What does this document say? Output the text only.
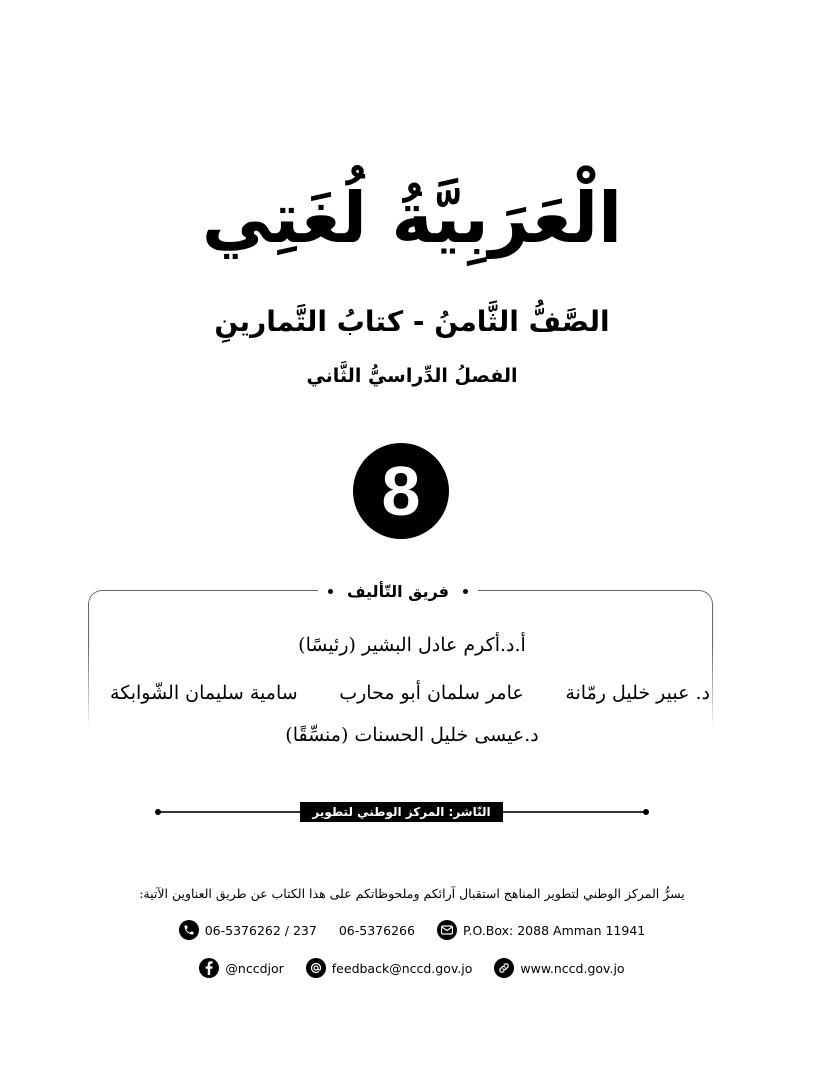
الْعَرَبِيَّةُ لُغَتِي
الصَّفُّ الثَّامنُ - كتابُ التَّمارينِ
الفصلُ الدِّراسيُّ الثَّاني
8
فريق التّأليف
أ.د.أكرم عادل البشير (رئيسًا)
د. عبير خليل رمّانة
عامر سلمان أبو محارب
سامية سليمان الشّوابكة
د.عيسى خليل الحسنات (منسِّقًا)
النّاشر: المركز الوطني لتطوير المناهج
يسرُّ المركز الوطني لتطوير المناهج استقبال آرائكم وملحوظاتكم على هذا الكتاب عن طريق العناوين الآتية:
06-5376262 / 237 06-5376266	P.O.Box: 2088 Amman 11941
@nccdjor	feedback@nccd.gov.jo	www.nccd.gov.jo
